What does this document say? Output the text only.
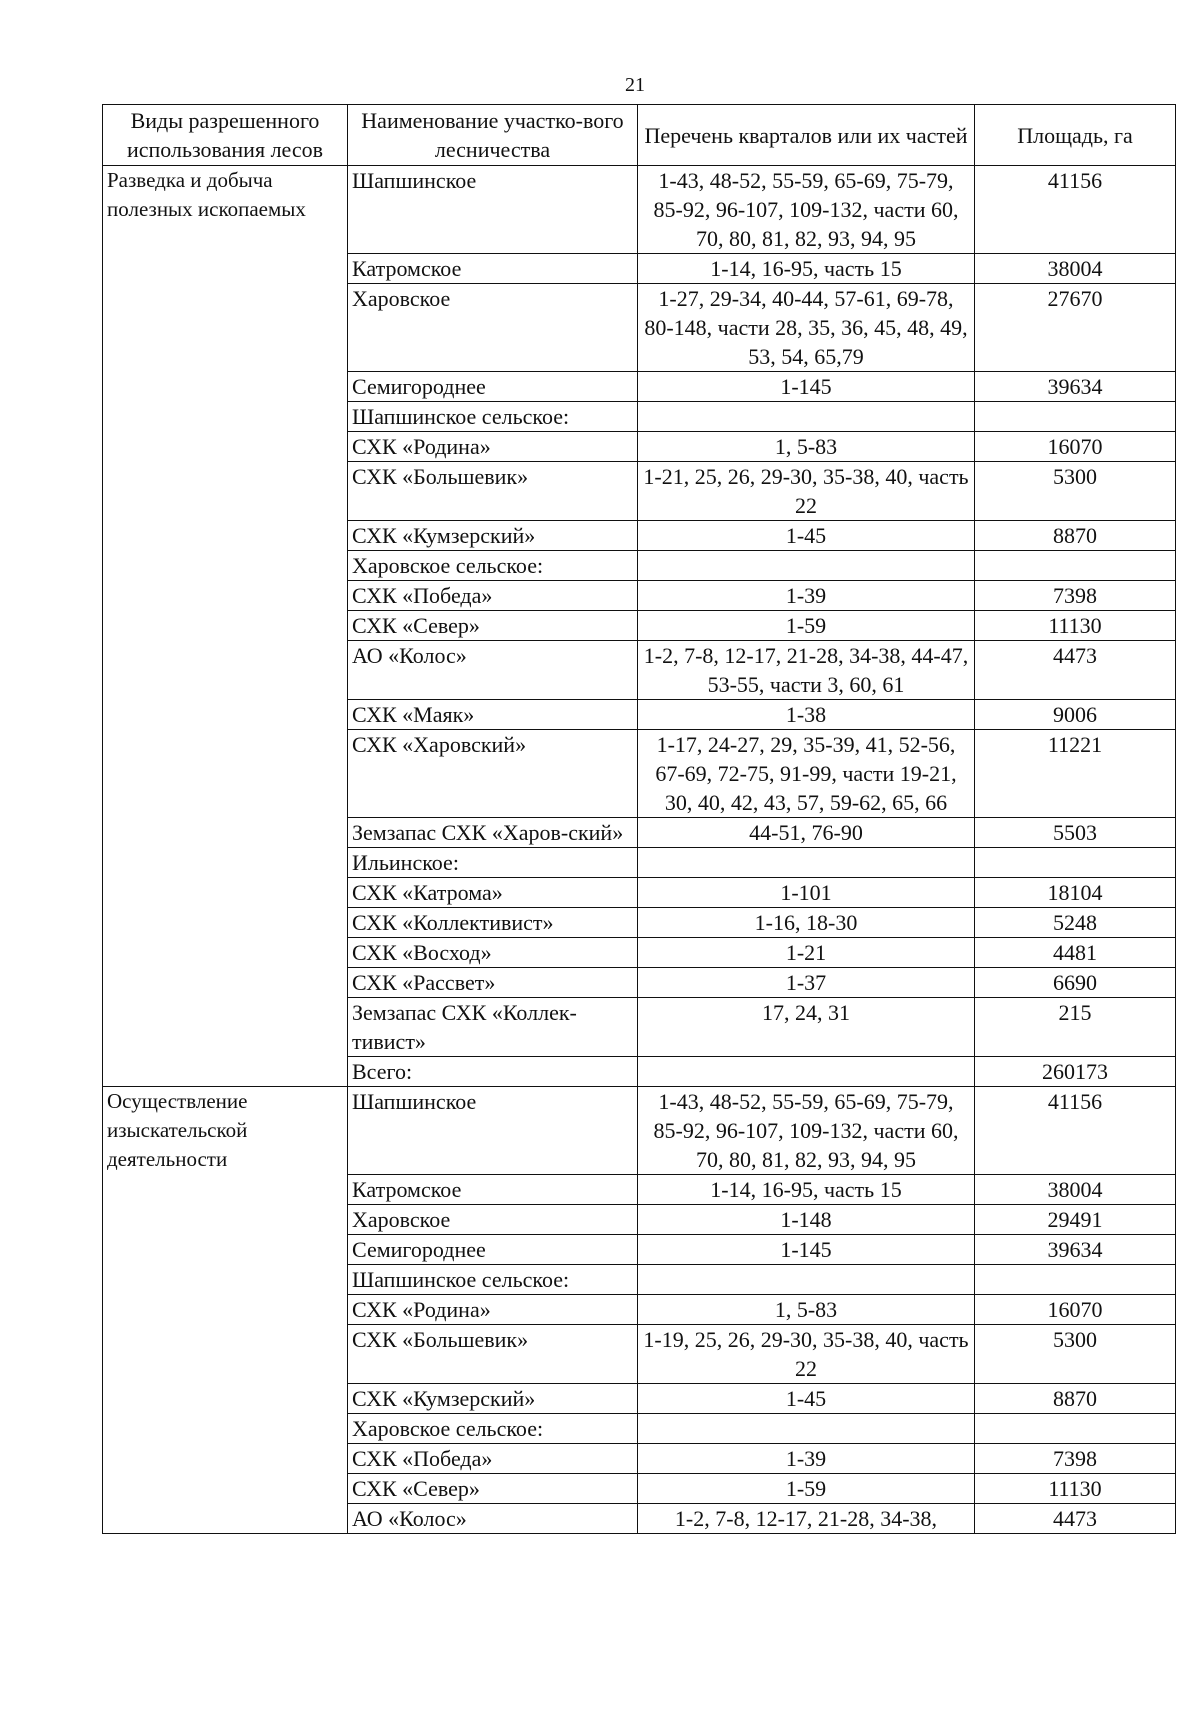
21
Виды разрешенного использования лесов	Наименование участко-вого лесничества	Перечень кварталов или их частей	Площадь, га
Разведка и добыча полезных ископаемых	Шапшинское	1-43, 48-52, 55-59, 65-69, 75-79, 85-92, 96-107, 109-132, части 60, 70, 80, 81, 82, 93, 94, 95	41156
	Катромское	1-14, 16-95, часть 15	38004
	Харовское	1-27, 29-34, 40-44, 57-61, 69-78, 80-148, части 28, 35, 36, 45, 48, 49, 53, 54, 65,79	27670
	Семигороднее	1-145	39634
	Шапшинское сельское:		
	СХК «Родина»	1, 5-83	16070
	СХК «Большевик»	1-21, 25, 26, 29-30, 35-38, 40, часть 22	5300
	СХК «Кумзерский»	1-45	8870
	Харовское сельское:		
	СХК «Победа»	1-39	7398
	СХК «Север»	1-59	11130
	АО «Колос»	1-2, 7-8, 12-17, 21-28, 34-38, 44-47, 53-55, части 3, 60, 61	4473
	СХК «Маяк»	1-38	9006
	СХК «Харовский»	1-17, 24-27, 29, 35-39, 41, 52-56, 67-69, 72-75, 91-99, части 19-21, 30, 40, 42, 43, 57, 59-62, 65, 66	11221
	Земзапас СХК «Харов-ский»	44-51, 76-90	5503
	Ильинское:		
	СХК «Катрома»	1-101	18104
	СХК «Коллективист»	1-16, 18-30	5248
	СХК «Восход»	1-21	4481
	СХК «Рассвет»	1-37	6690
	Земзапас СХК «Коллек-тивист»	17, 24, 31	215
	Всего:		260173
Осуществление изыскательской деятельности	Шапшинское	1-43, 48-52, 55-59, 65-69, 75-79, 85-92, 96-107, 109-132, части 60, 70, 80, 81, 82, 93, 94, 95	41156
	Катромское	1-14, 16-95, часть 15	38004
	Харовское	1-148	29491
	Семигороднее	1-145	39634
	Шапшинское сельское:		
	СХК «Родина»	1, 5-83	16070
	СХК «Большевик»	1-19, 25, 26, 29-30, 35-38, 40, часть 22	5300
	СХК «Кумзерский»	1-45	8870
	Харовское сельское:		
	СХК «Победа»	1-39	7398
	СХК «Север»	1-59	11130
	АО «Колос»	1-2, 7-8, 12-17, 21-28, 34-38,	4473
